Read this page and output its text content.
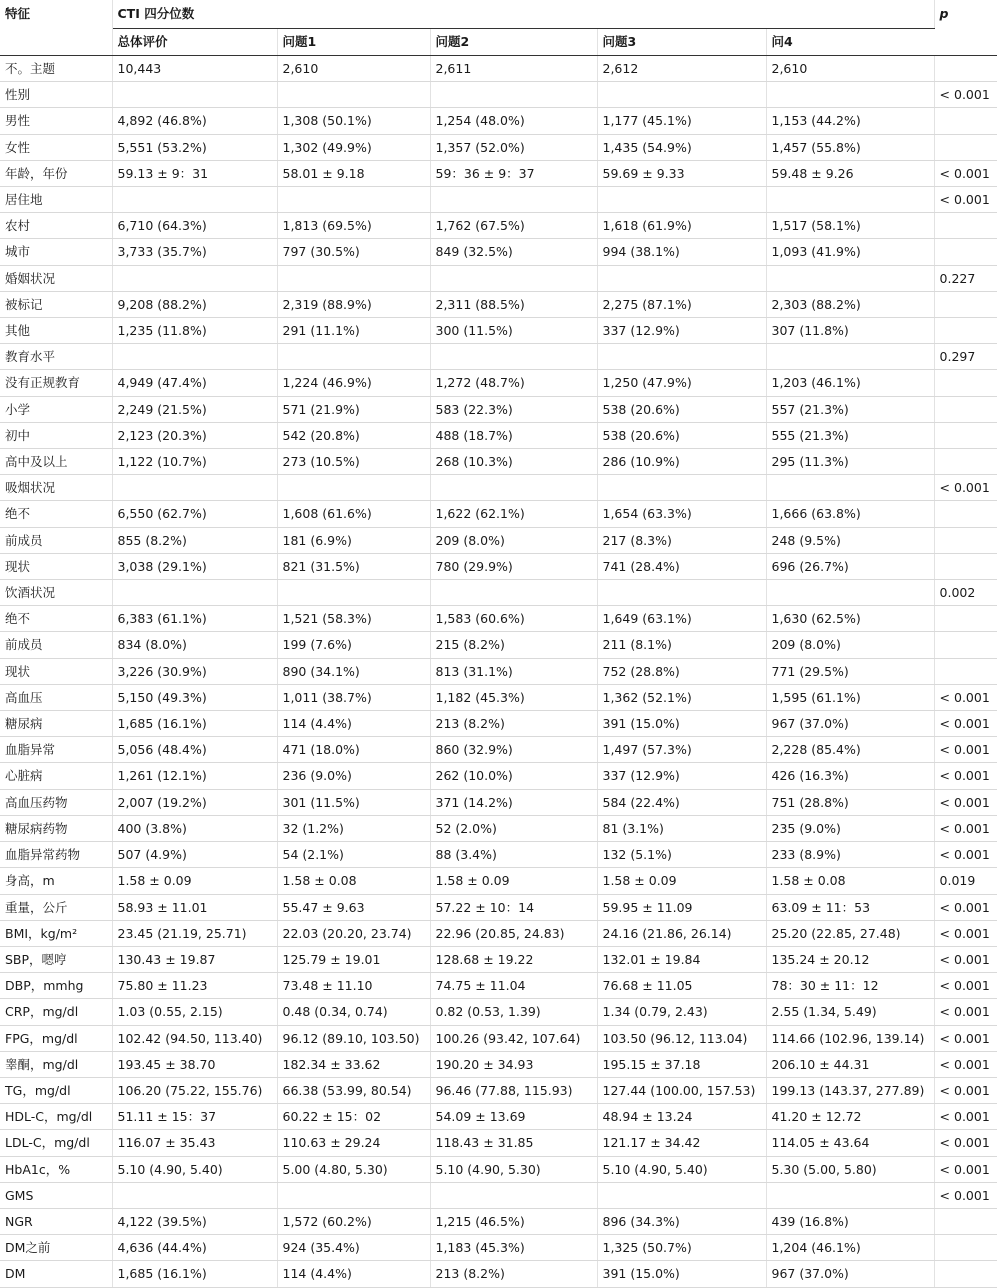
特征	CTI 四分位数					p
	总体评价	问题1	问题2	问题3	问4	
不。主题	10,443	2,610	2,611	2,612	2,610	
性别						< 0.001
男性	4,892 (46.8%)	1,308 (50.1%)	1,254 (48.0%)	1,177 (45.1%)	1,153 (44.2%)	
女性	5,551 (53.2%)	1,302 (49.9%)	1,357 (52.0%)	1,435 (54.9%)	1,457 (55.8%)	
年龄，年份	59.13 ± 9：31	58.01 ± 9.18	59：36 ± 9：37	59.69 ± 9.33	59.48 ± 9.26	< 0.001
居住地						< 0.001
农村	6,710 (64.3%)	1,813 (69.5%)	1,762 (67.5%)	1,618 (61.9%)	1,517 (58.1%)	
城市	3,733 (35.7%)	797 (30.5%)	849 (32.5%)	994 (38.1%)	1,093 (41.9%)	
婚姻状况						0.227
被标记	9,208 (88.2%)	2,319 (88.9%)	2,311 (88.5%)	2,275 (87.1%)	2,303 (88.2%)	
其他	1,235 (11.8%)	291 (11.1%)	300 (11.5%)	337 (12.9%)	307 (11.8%)	
教育水平						0.297
没有正规教育	4,949 (47.4%)	1,224 (46.9%)	1,272 (48.7%)	1,250 (47.9%)	1,203 (46.1%)	
小学	2,249 (21.5%)	571 (21.9%)	583 (22.3%)	538 (20.6%)	557 (21.3%)	
初中	2,123 (20.3%)	542 (20.8%)	488 (18.7%)	538 (20.6%)	555 (21.3%)	
高中及以上	1,122 (10.7%)	273 (10.5%)	268 (10.3%)	286 (10.9%)	295 (11.3%)	
吸烟状况						< 0.001
绝不	6,550 (62.7%)	1,608 (61.6%)	1,622 (62.1%)	1,654 (63.3%)	1,666 (63.8%)	
前成员	855 (8.2%)	181 (6.9%)	209 (8.0%)	217 (8.3%)	248 (9.5%)	
现状	3,038 (29.1%)	821 (31.5%)	780 (29.9%)	741 (28.4%)	696 (26.7%)	
饮酒状况						0.002
绝不	6,383 (61.1%)	1,521 (58.3%)	1,583 (60.6%)	1,649 (63.1%)	1,630 (62.5%)	
前成员	834 (8.0%)	199 (7.6%)	215 (8.2%)	211 (8.1%)	209 (8.0%)	
现状	3,226 (30.9%)	890 (34.1%)	813 (31.1%)	752 (28.8%)	771 (29.5%)	
高血压	5,150 (49.3%)	1,011 (38.7%)	1,182 (45.3%)	1,362 (52.1%)	1,595 (61.1%)	< 0.001
糖尿病	1,685 (16.1%)	114 (4.4%)	213 (8.2%)	391 (15.0%)	967 (37.0%)	< 0.001
血脂异常	5,056 (48.4%)	471 (18.0%)	860 (32.9%)	1,497 (57.3%)	2,228 (85.4%)	< 0.001
心脏病	1,261 (12.1%)	236 (9.0%)	262 (10.0%)	337 (12.9%)	426 (16.3%)	< 0.001
高血压药物	2,007 (19.2%)	301 (11.5%)	371 (14.2%)	584 (22.4%)	751 (28.8%)	< 0.001
糖尿病药物	400 (3.8%)	32 (1.2%)	52 (2.0%)	81 (3.1%)	235 (9.0%)	< 0.001
血脂异常药物	507 (4.9%)	54 (2.1%)	88 (3.4%)	132 (5.1%)	233 (8.9%)	< 0.001
身高，m	1.58 ± 0.09	1.58 ± 0.08	1.58 ± 0.09	1.58 ± 0.09	1.58 ± 0.08	0.019
重量，公斤	58.93 ± 11.01	55.47 ± 9.63	57.22 ± 10：14	59.95 ± 11.09	63.09 ± 11：53	< 0.001
BMI，kg/m²	23.45 (21.19, 25.71)	22.03 (20.20, 23.74)	22.96 (20.85, 24.83)	24.16 (21.86, 26.14)	25.20 (22.85, 27.48)	< 0.001
SBP，嗯哼	130.43 ± 19.87	125.79 ± 19.01	128.68 ± 19.22	132.01 ± 19.84	135.24 ± 20.12	< 0.001
DBP，mmhg	75.80 ± 11.23	73.48 ± 11.10	74.75 ± 11.04	76.68 ± 11.05	78：30 ± 11：12	< 0.001
CRP，mg/dl	1.03 (0.55, 2.15)	0.48 (0.34, 0.74)	0.82 (0.53, 1.39)	1.34 (0.79, 2.43)	2.55 (1.34, 5.49)	< 0.001
FPG，mg/dl	102.42 (94.50, 113.40)	96.12 (89.10, 103.50)	100.26 (93.42, 107.64)	103.50 (96.12, 113.04)	114.66 (102.96, 139.14)	< 0.001
睾酮，mg/dl	193.45 ± 38.70	182.34 ± 33.62	190.20 ± 34.93	195.15 ± 37.18	206.10 ± 44.31	< 0.001
TG，mg/dl	106.20 (75.22, 155.76)	66.38 (53.99, 80.54)	96.46 (77.88, 115.93)	127.44 (100.00, 157.53)	199.13 (143.37, 277.89)	< 0.001
HDL-C，mg/dl	51.11 ± 15：37	60.22 ± 15：02	54.09 ± 13.69	48.94 ± 13.24	41.20 ± 12.72	< 0.001
LDL-C，mg/dl	116.07 ± 35.43	110.63 ± 29.24	118.43 ± 31.85	121.17 ± 34.42	114.05 ± 43.64	< 0.001
HbA1c，%	5.10 (4.90, 5.40)	5.00 (4.80, 5.30)	5.10 (4.90, 5.30)	5.10 (4.90, 5.40)	5.30 (5.00, 5.80)	< 0.001
GMS						< 0.001
NGR	4,122 (39.5%)	1,572 (60.2%)	1,215 (46.5%)	896 (34.3%)	439 (16.8%)	
DM之前	4,636 (44.4%)	924 (35.4%)	1,183 (45.3%)	1,325 (50.7%)	1,204 (46.1%)	
DM	1,685 (16.1%)	114 (4.4%)	213 (8.2%)	391 (15.0%)	967 (37.0%)	
